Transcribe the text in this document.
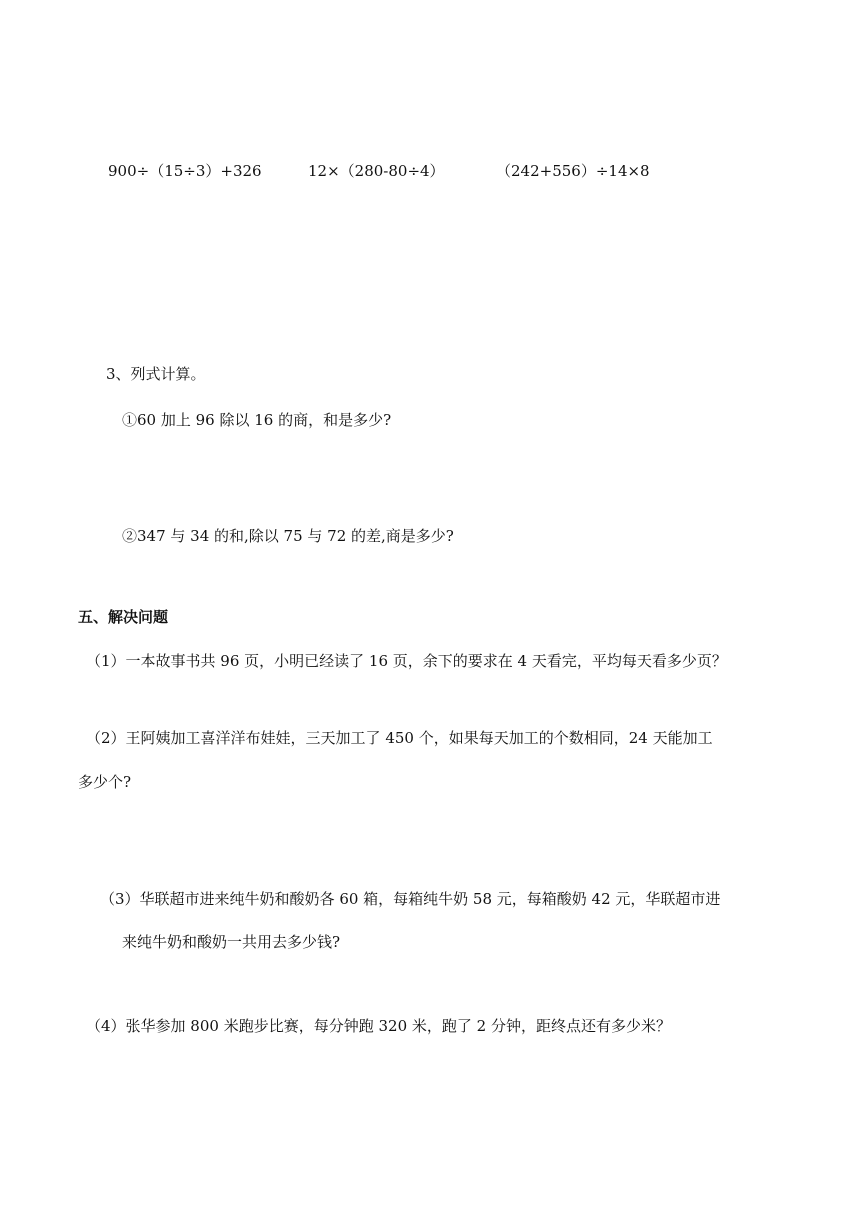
900÷（15÷3）+326	12×（280-80÷4）	（242+556）÷14×8
3、列式计算。
①60 加上 96 除以 16 的商，和是多少?
②347 与 34 的和,除以 75 与 72 的差,商是多少?
五、解决问题
（1）一本故事书共 96 页，小明已经读了 16 页，余下的要求在 4 天看完，平均每天看多少页？
（2）王阿姨加工喜洋洋布娃娃，三天加工了 450 个，如果每天加工的个数相同，24 天能加工
多少个?
（3）华联超市进来纯牛奶和酸奶各 60 箱，每箱纯牛奶 58 元，每箱酸奶 42 元，华联超市进
来纯牛奶和酸奶一共用去多少钱?
（4）张华参加 800 米跑步比赛，每分钟跑 320 米，跑了 2 分钟，距终点还有多少米？
